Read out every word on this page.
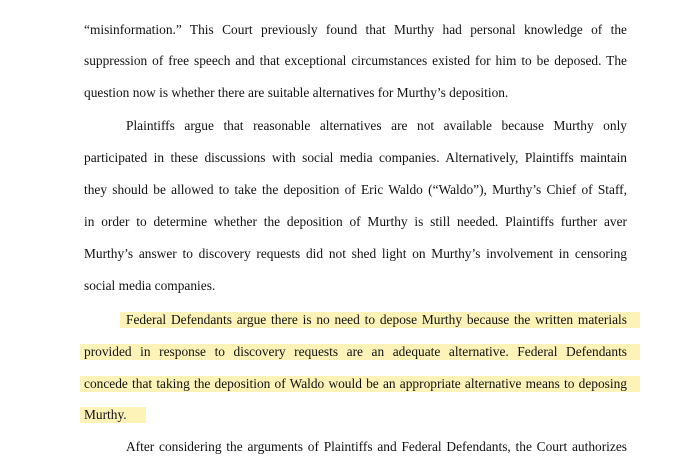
“misinformation.” This Court previously found that Murthy had personal knowledge of the
suppression of free speech and that exceptional circumstances existed for him to be deposed. The
question now is whether there are suitable alternatives for Murthy’s deposition.
Plaintiffs argue that reasonable alternatives are not available because Murthy only
participated in these discussions with social media companies. Alternatively, Plaintiffs maintain
they should be allowed to take the deposition of Eric Waldo (“Waldo”), Murthy’s Chief of Staff,
in order to determine whether the deposition of Murthy is still needed. Plaintiffs further aver
Murthy’s answer to discovery requests did not shed light on Murthy’s involvement in censoring
social media companies.
Federal Defendants argue there is no need to depose Murthy because the written materials
provided in response to discovery requests are an adequate alternative. Federal Defendants
concede that taking the deposition of Waldo would be an appropriate alternative means to deposing
Murthy.
After considering the arguments of Plaintiffs and Federal Defendants, the Court authorizes
